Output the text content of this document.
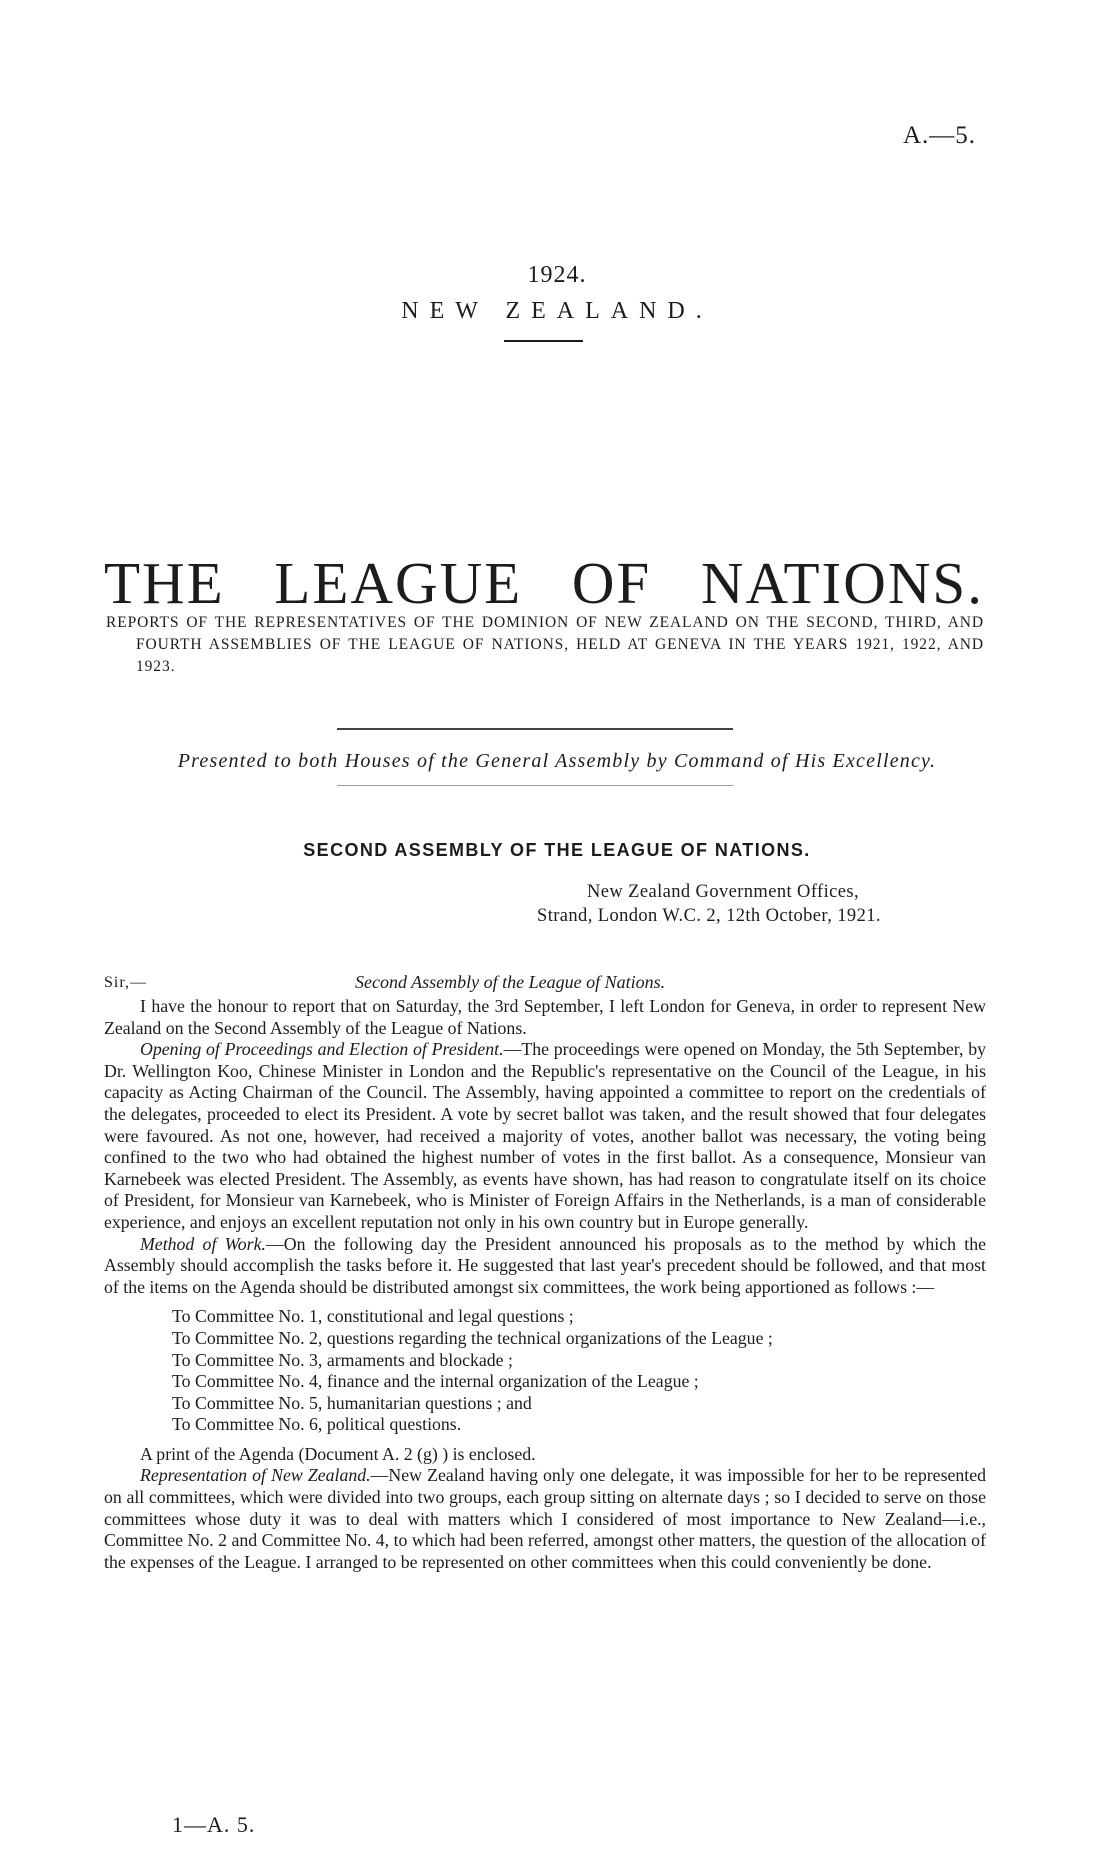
A.—5.
1924.
NEW ZEALAND.
THE LEAGUE OF NATIONS.
REPORTS OF THE REPRESENTATIVES OF THE DOMINION OF NEW ZEALAND ON THE SECOND, THIRD, AND FOURTH ASSEMBLIES OF THE LEAGUE OF NATIONS, HELD AT GENEVA IN THE YEARS 1921, 1922, AND 1923.
Presented to both Houses of the General Assembly by Command of His Excellency.
SECOND ASSEMBLY OF THE LEAGUE OF NATIONS.
New Zealand Government Offices,
Strand, London W.C. 2, 12th October, 1921.
Sir,—	Second Assembly of the League of Nations.

I have the honour to report that on Saturday, the 3rd September, I left London for Geneva, in order to represent New Zealand on the Second Assembly of the League of Nations.

Opening of Proceedings and Election of President.—The proceedings were opened on Monday, the 5th September, by Dr. Wellington Koo, Chinese Minister in London and the Republic's representative on the Council of the League, in his capacity as Acting Chairman of the Council. The Assembly, having appointed a committee to report on the credentials of the delegates, proceeded to elect its President. A vote by secret ballot was taken, and the result showed that four delegates were favoured. As not one, however, had received a majority of votes, another ballot was necessary, the voting being confined to the two who had obtained the highest number of votes in the first ballot. As a consequence, Monsieur van Karnebeek was elected President. The Assembly, as events have shown, has had reason to congratulate itself on its choice of President, for Monsieur van Karnebeek, who is Minister of Foreign Affairs in the Netherlands, is a man of considerable experience, and enjoys an excellent reputation not only in his own country but in Europe generally.

Method of Work.—On the following day the President announced his proposals as to the method by which the Assembly should accomplish the tasks before it. He suggested that last year's precedent should be followed, and that most of the items on the Agenda should be distributed amongst six committees, the work being apportioned as follows :—

To Committee No. 1, constitutional and legal questions ;
To Committee No. 2, questions regarding the technical organizations of the League ;
To Committee No. 3, armaments and blockade ;
To Committee No. 4, finance and the internal organization of the League ;
To Committee No. 5, humanitarian questions ; and
To Committee No. 6, political questions.

A print of the Agenda (Document A. 2 (g) ) is enclosed.

Representation of New Zealand.—New Zealand having only one delegate, it was impossible for her to be represented on all committees, which were divided into two groups, each group sitting on alternate days ; so I decided to serve on those committees whose duty it was to deal with matters which I considered of most importance to New Zealand—i.e., Committee No. 2 and Committee No. 4, to which had been referred, amongst other matters, the question of the allocation of the expenses of the League. I arranged to be represented on other committees when this could conveniently be done.

1—A. 5.
